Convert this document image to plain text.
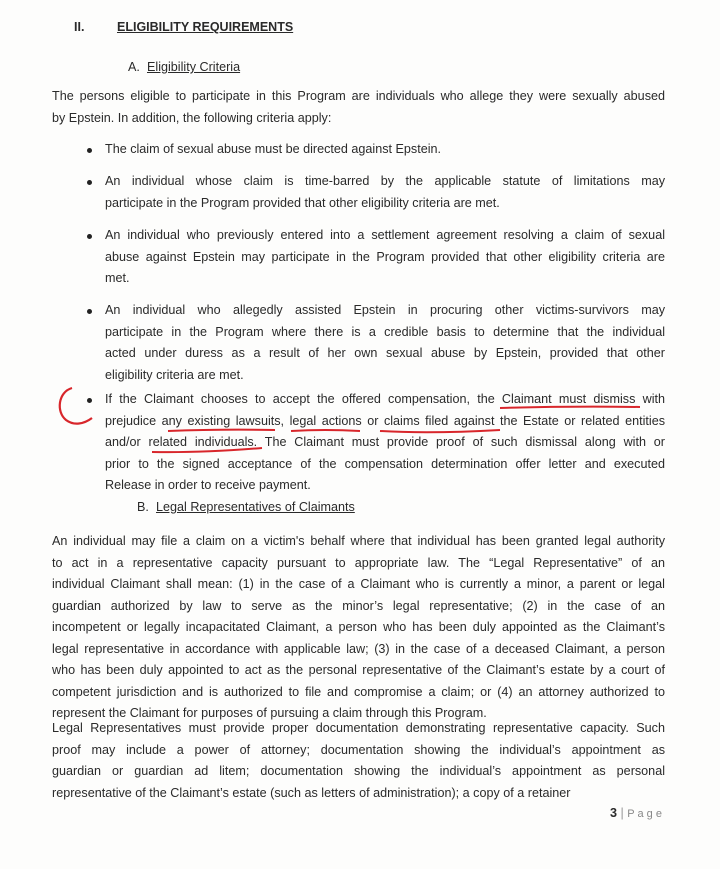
II.	ELIGIBILITY REQUIREMENTS
A. Eligibility Criteria
The persons eligible to participate in this Program are individuals who allege they were sexually abused
by Epstein. In addition, the following criteria apply:
The claim of sexual abuse must be directed against Epstein.
An individual whose claim is time-barred by the applicable statute of limitations may
participate in the Program provided that other eligibility criteria are met.
An individual who previously entered into a settlement agreement resolving a claim of sexual
abuse against Epstein may participate in the Program provided that other eligibility criteria are
met.
An individual who allegedly assisted Epstein in procuring other victims-survivors may
participate in the Program where there is a credible basis to determine that the individual
acted under duress as a result of her own sexual abuse by Epstein, provided that other
eligibility criteria are met.
If the Claimant chooses to accept the offered compensation, the Claimant must dismiss with
prejudice any existing lawsuits, legal actions or claims filed against the Estate or related entities
and/or related individuals. The Claimant must provide proof of such dismissal along with or
prior to the signed acceptance of the compensation determination offer letter and executed
Release in order to receive payment.
B. Legal Representatives of Claimants
An individual may file a claim on a victim's behalf where that individual has been granted legal authority
to act in a representative capacity pursuant to appropriate law. The “Legal Representative” of an
individual Claimant shall mean: (1) in the case of a Claimant who is currently a minor, a parent or legal
guardian authorized by law to serve as the minor’s legal representative; (2) in the case of an
incompetent or legally incapacitated Claimant, a person who has been duly appointed as the Claimant’s
legal representative in accordance with applicable law; (3) in the case of a deceased Claimant, a person
who has been duly appointed to act as the personal representative of the Claimant’s estate by a court of
competent jurisdiction and is authorized to file and compromise a claim; or (4) an attorney authorized to
represent the Claimant for purposes of pursuing a claim through this Program.
Legal Representatives must provide proper documentation demonstrating representative capacity. Such
proof may include a power of attorney; documentation showing the individual’s appointment as
guardian or guardian ad litem; documentation showing the individual’s appointment as personal
representative of the Claimant’s estate (such as letters of administration); a copy of a retainer
3 | P a g e
